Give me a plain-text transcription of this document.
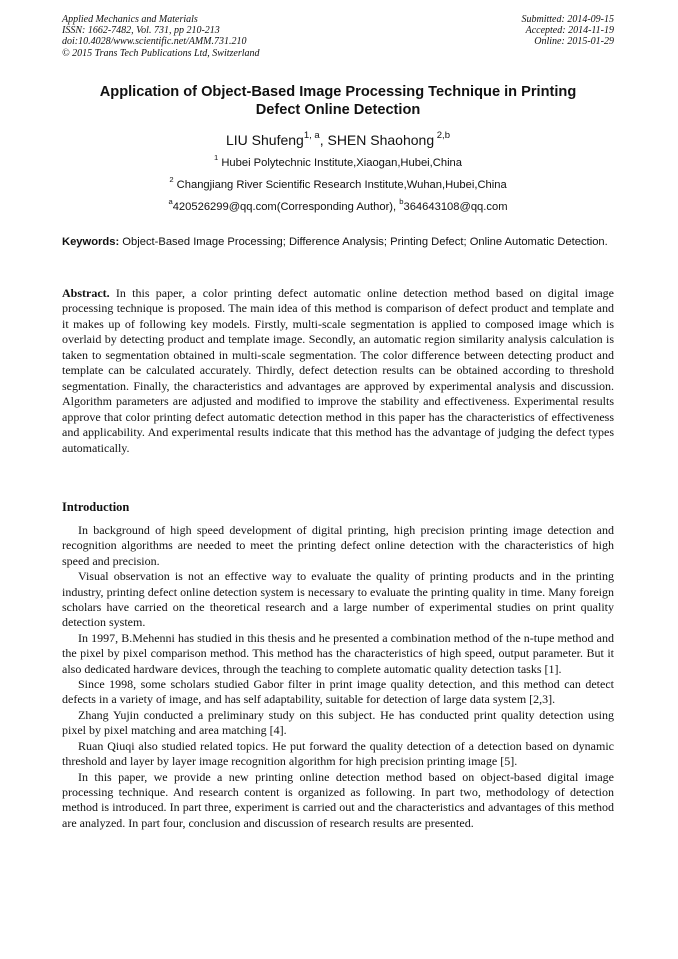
Applied Mechanics and Materials
ISSN: 1662-7482, Vol. 731, pp 210-213
doi:10.4028/www.scientific.net/AMM.731.210
© 2015 Trans Tech Publications Ltd, Switzerland
Submitted: 2014-09-15
Accepted: 2014-11-19
Online: 2015-01-29
Application of Object-Based Image Processing Technique in Printing
Defect Online Detection
LIU Shufeng$^{1, a}$, SHEN Shaohong $^{2,b}$
$^1$ Hubei Polytechnic Institute,Xiaogan,Hubei,China
$^2$ Changjiang River Scientific Research Institute,Wuhan,Hubei,China
$^a$420526299@qq.com(Corresponding Author), $^b$364643108@qq.com
Keywords: Object-Based Image Processing; Difference Analysis; Printing Defect; Online Automatic Detection.
Abstract. In this paper, a color printing defect automatic online detection method based on digital image processing technique is proposed. The main idea of this method is comparison of defect product and template and it makes up of following key models. Firstly, multi-scale segmentation is applied to composed image which is overlaid by detecting product and template image. Secondly, an automatic region similarity analysis calculation is taken to segmentation obtained in multi-scale segmentation. The color difference between detecting product and template can be calculated accurately. Thirdly, defect detection results can be obtained according to threshold segmentation. Finally, the characteristics and advantages are approved by experimental analysis and discussion. Algorithm parameters are adjusted and modified to improve the stability and effectiveness. Experimental results approve that color printing defect automatic detection method in this paper has the characteristics of effectiveness and applicability. And experimental results indicate that this method has the advantage of judging the defect types automatically.
Introduction

In background of high speed development of digital printing, high precision printing image detection and recognition algorithms are needed to meet the printing defect online detection with the characteristics of high speed and precision.

Visual observation is not an effective way to evaluate the quality of printing products and in the printing industry, printing defect online detection system is necessary to evaluate the printing quality in time. Many foreign scholars have carried on the theoretical research and a large number of experimental studies on print quality detection system.

In 1997, B.Mehenni has studied in this thesis and he presented a combination method of the n-tupe method and the pixel by pixel comparison method. This method has the characteristics of high speed, output parameter. But it also dedicated hardware devices, through the teaching to complete automatic quality detection tasks [1].

Since 1998, some scholars studied Gabor filter in print image quality detection, and this method can detect defects in a variety of image, and has self adaptability, suitable for detection of large data system [2,3].

Zhang Yujin conducted a preliminary study on this subject. He has conducted print quality detection using pixel by pixel matching and area matching [4].

Ruan Qiuqi also studied related topics. He put forward the quality detection of a detection based on dynamic threshold and layer by layer image recognition algorithm for high precision printing image [5].

In this paper, we provide a new printing online detection method based on object-based digital image processing technique. And research content is organized as following. In part two, methodology of detection method is introduced. In part three, experiment is carried out and the characteristics and advantages of this method are analyzed. In part four, conclusion and discussion of research results are presented.
